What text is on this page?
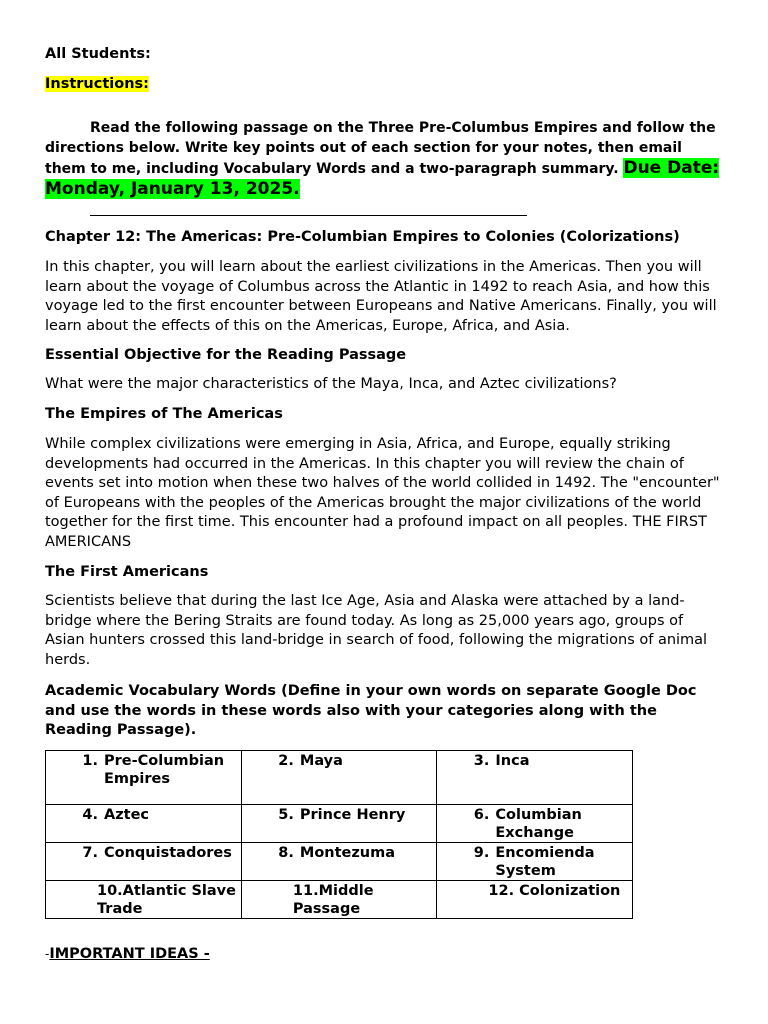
All Students:
Instructions:

Read the following passage on the Three Pre-Columbus Empires and follow the directions below. Write key points out of each section for your notes, then email them to me, including Vocabulary Words and a two-paragraph summary. Due Date: Monday, January 13, 2025.

Chapter 12: The Americas: Pre-Columbian Empires to Colonies (Colorizations)

In this chapter, you will learn about the earliest civilizations in the Americas. Then you will learn about the voyage of Columbus across the Atlantic in 1492 to reach Asia, and how this voyage led to the first encounter between Europeans and Native Americans. Finally, you will learn about the effects of this on the Americas, Europe, Africa, and Asia.

Essential Objective for the Reading Passage

What were the major characteristics of the Maya, Inca, and Aztec civilizations?

The Empires of The Americas

While complex civilizations were emerging in Asia, Africa, and Europe, equally striking developments had occurred in the Americas. In this chapter you will review the chain of events set into motion when these two halves of the world collided in 1492. The "encounter" of Europeans with the peoples of the Americas brought the major civilizations of the world together for the first time. This encounter had a profound impact on all peoples. THE FIRST AMERICANS

The First Americans

Scientists believe that during the last Ice Age, Asia and Alaska were attached by a land-bridge where the Bering Straits are found today. As long as 25,000 years ago, groups of Asian hunters crossed this land-bridge in search of food, following the migrations of animal herds.

Academic Vocabulary Words (Define in your own words on separate Google Doc and use the words in these words also with your categories along with the Reading Passage).

1. Pre-Columbian Empires	2. Maya	3. Inca

4. Aztec	5. Prince Henry	6. Columbian Exchange

7. Conquistadores	8. Montezuma	9. Encomienda System

10.Atlantic Slave Trade	11.Middle Passage	12. Colonization
-IMPORTANT IDEAS -
